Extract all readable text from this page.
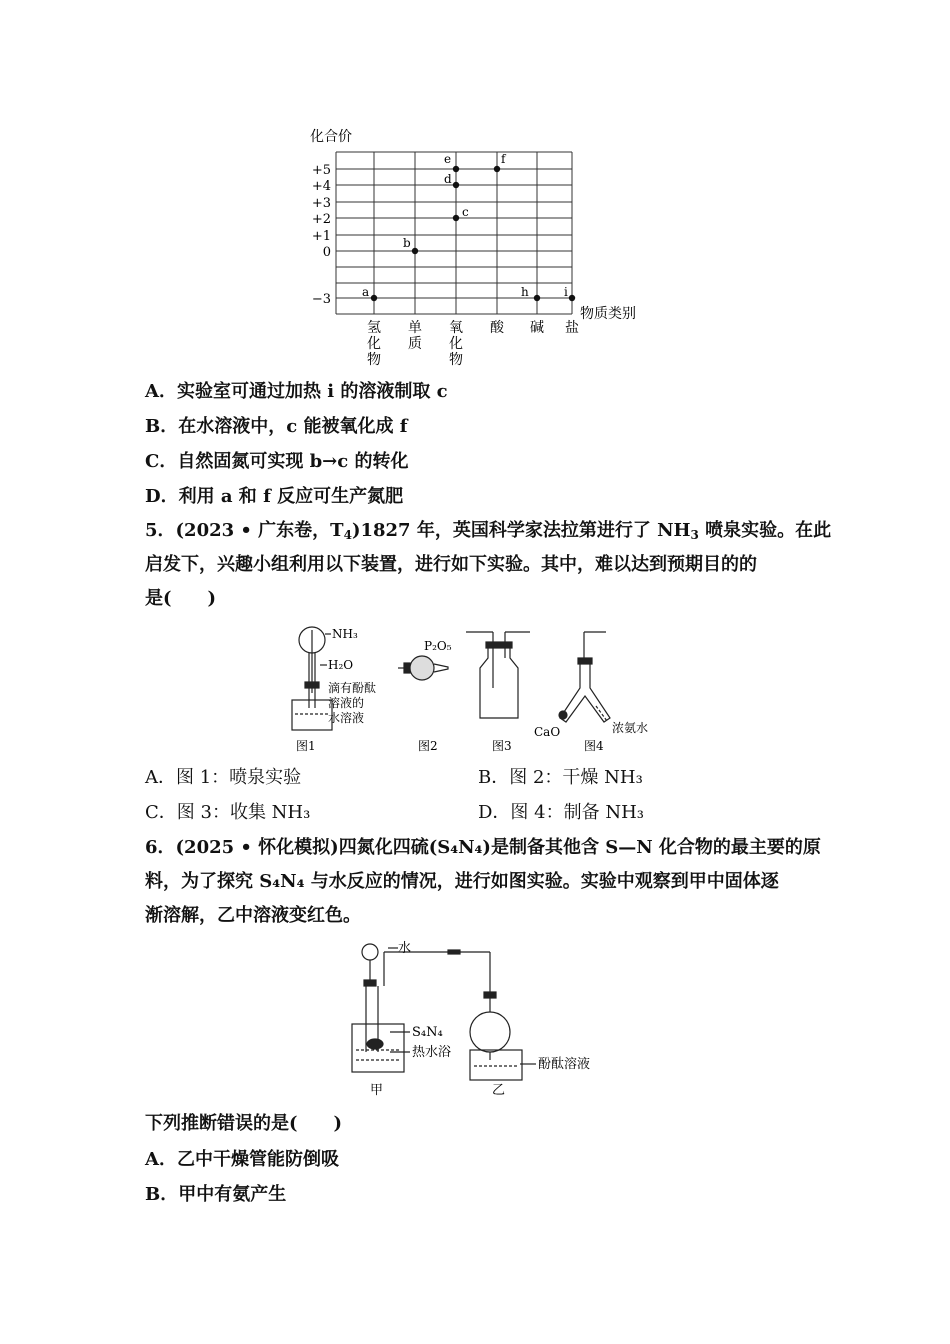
+5
+4
+3
+2
+1
0
−3
氢
化
物
单
质
氧
化
物
酸 碱 盐
a
b
c
d
e	f
h	i
化合价
物质类别
A．实验室可通过加热 i 的溶液制取 c
B．在水溶液中，c 能被氧化成 f
C．自然固氮可实现 b→c 的转化
D．利用 a 和 f 反应可生产氮肥
5．(2023 • 广东卷，$T_4)1827$ 年，英国科学家法拉第进行了 $NH_3$ 喷泉实验。在此
启发下，兴趣小组利用以下装置，进行如下实验。其中，难以达到预期目的的
是(　　)
NH₃
H₂O
滴有酚酞
溶液的
水溶液
图1
P₂O₅
图2	图3
CaO	浓氨水
图4
A．图 1：喷泉实验	B．图 2：干燥 NH₃
C．图 3：收集 NH₃	D．图 4：制备 NH₃
6．(2025 • 怀化模拟)四氮化四硫(S₄N₄)是制备其他含 S—N 化合物的最主要的原
料，为了探究 S₄N₄ 与水反应的情况，进行如图实验。实验中观察到甲中固体逐
渐溶解，乙中溶液变红色。
水
S₄N₄
热水浴
酚酞溶液
甲	乙
下列推断错误的是(　　)
A．乙中干燥管能防倒吸
B．甲中有氨产生
